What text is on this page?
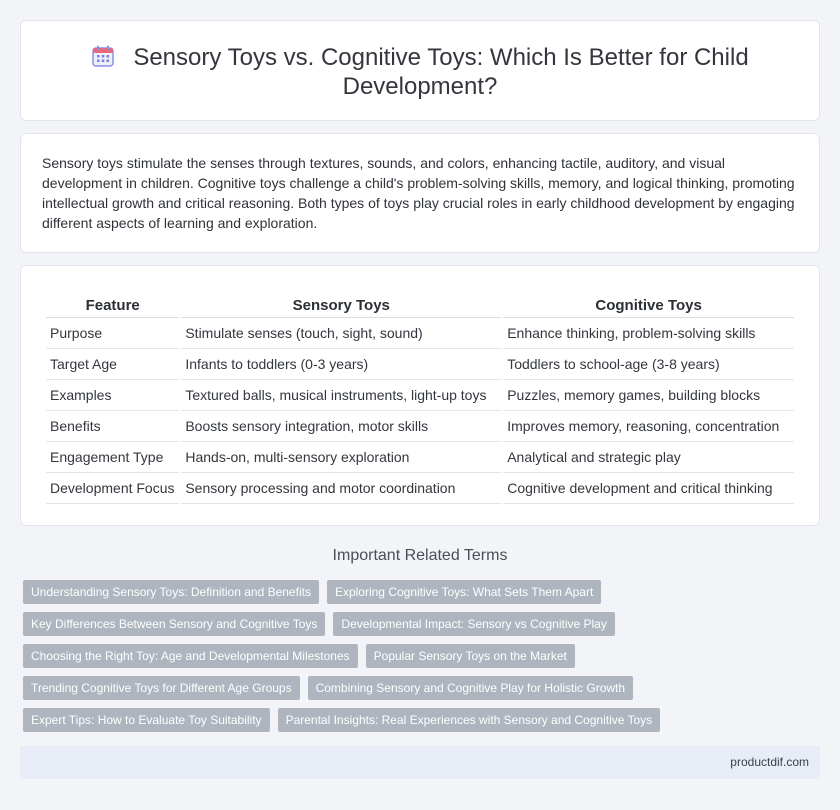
Sensory Toys vs. Cognitive Toys: Which Is Better for Child Development?

Sensory toys stimulate the senses through textures, sounds, and colors, enhancing tactile, auditory, and visual development in children. Cognitive toys challenge a child's problem-solving skills, memory, and logical thinking, promoting intellectual growth and critical reasoning. Both types of toys play crucial roles in early childhood development by engaging different aspects of learning and exploration.

Feature	Sensory Toys	Cognitive Toys
Purpose	Stimulate senses (touch, sight, sound)	Enhance thinking, problem-solving skills
Target Age	Infants to toddlers (0-3 years)	Toddlers to school-age (3-8 years)
Examples	Textured balls, musical instruments, light-up toys	Puzzles, memory games, building blocks
Benefits	Boosts sensory integration, motor skills	Improves memory, reasoning, concentration
Engagement Type	Hands-on, multi-sensory exploration	Analytical and strategic play
Development Focus	Sensory processing and motor coordination	Cognitive development and critical thinking
Important Related Terms
Understanding Sensory Toys: Definition and Benefits	Exploring Cognitive Toys: What Sets Them Apart
Key Differences Between Sensory and Cognitive Toys	Developmental Impact: Sensory vs Cognitive Play
Choosing the Right Toy: Age and Developmental Milestones	Popular Sensory Toys on the Market
Trending Cognitive Toys for Different Age Groups	Combining Sensory and Cognitive Play for Holistic Growth
Expert Tips: How to Evaluate Toy Suitability	Parental Insights: Real Experiences with Sensory and Cognitive Toys
productdif.com
